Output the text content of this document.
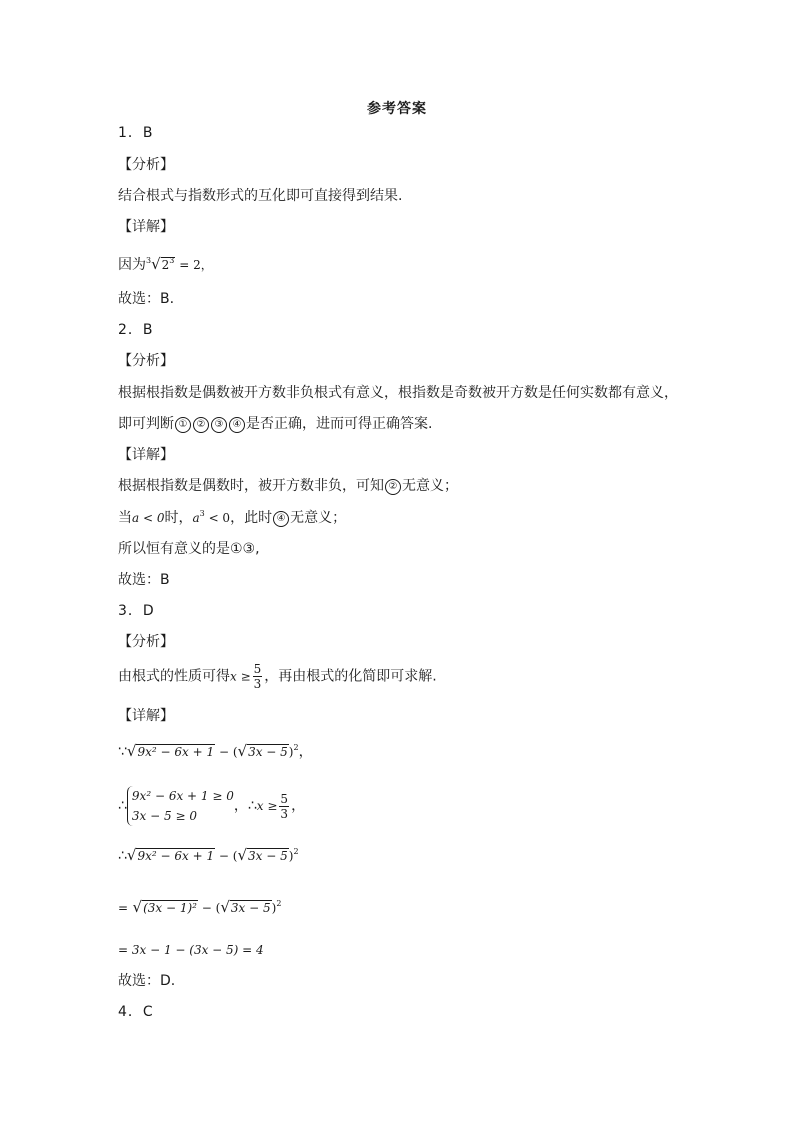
参考答案
1．B
【分析】
结合根式与指数形式的互化即可直接得到结果.
【详解】
因为$^3√2^3 = 2$，
故选：B.
2．B
【分析】
根据根指数是偶数被开方数非负根式有意义，根指数是奇数被开方数是任何实数都有意义，
即可判断 ① ② ③ ④ 是否正确，进而可得正确答案.
【详解】
根据根指数是偶数时，被开方数非负，可知 ② 无意义；
当a < 0时，$a^3 < 0$，此时 ④ 无意义；
所以恒有意义的是①③,
故选：B
3．D
【分析】
由根式的性质可得$x \ge \frac{5}{3}$ ，再由根式的化简即可求解.
【详解】
∵√9x² − $6x + 1 - (√3x - 5)^2$，
∴
9x² − 6x + 1 ≥ 0
3x − 5 ≥ 0
，∴x ≥ $\frac{5}{3}$ ，
∴√9x² − $6x + 1 - (√3x - 5)^2$
= $√(3x - 1)^2 - (√3x - 5)^2$
= 3x − 1 − (3x − 5) = 4
故选：D.
4．C
